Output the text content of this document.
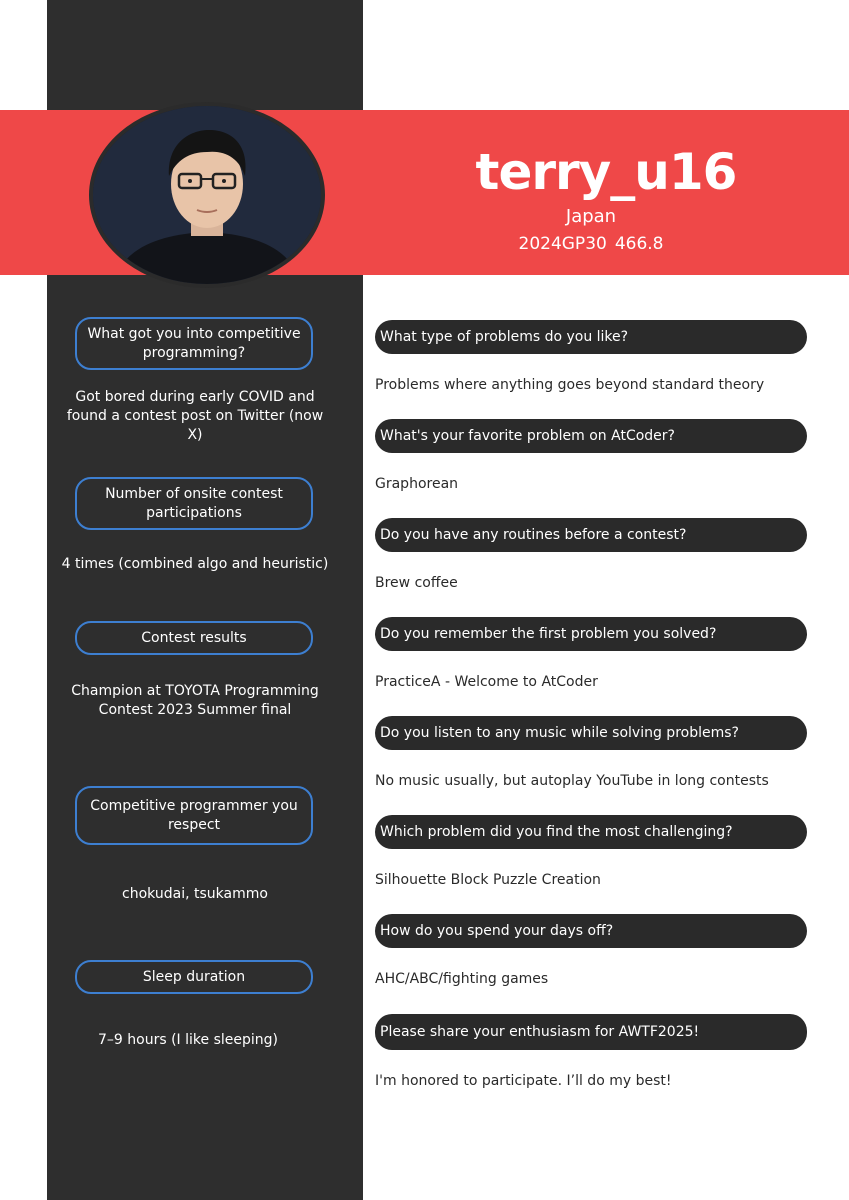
terry_u16
Japan
2024GP30 466.8
What got you into competitive programming?
Got bored during early COVID and found a contest post on Twitter (now X)
Number of onsite contest participations
4 times (combined algo and heuristic)
Contest results
Champion at TOYOTA Programming Contest 2023 Summer final
Competitive programmer you respect
chokudai, tsukammo
Sleep duration
7–9 hours (I like sleeping)
What type of problems do you like?
Problems where anything goes beyond standard theory
What's your favorite problem on AtCoder?
Graphorean
Do you have any routines before a contest?
Brew coffee
Do you remember the first problem you solved?
PracticeA - Welcome to AtCoder
Do you listen to any music while solving problems?
No music usually, but autoplay YouTube in long contests
Which problem did you find the most challenging?
Silhouette Block Puzzle Creation
How do you spend your days off?
AHC/ABC/fighting games
Please share your enthusiasm for AWTF2025!
I'm honored to participate. I’ll do my best!
